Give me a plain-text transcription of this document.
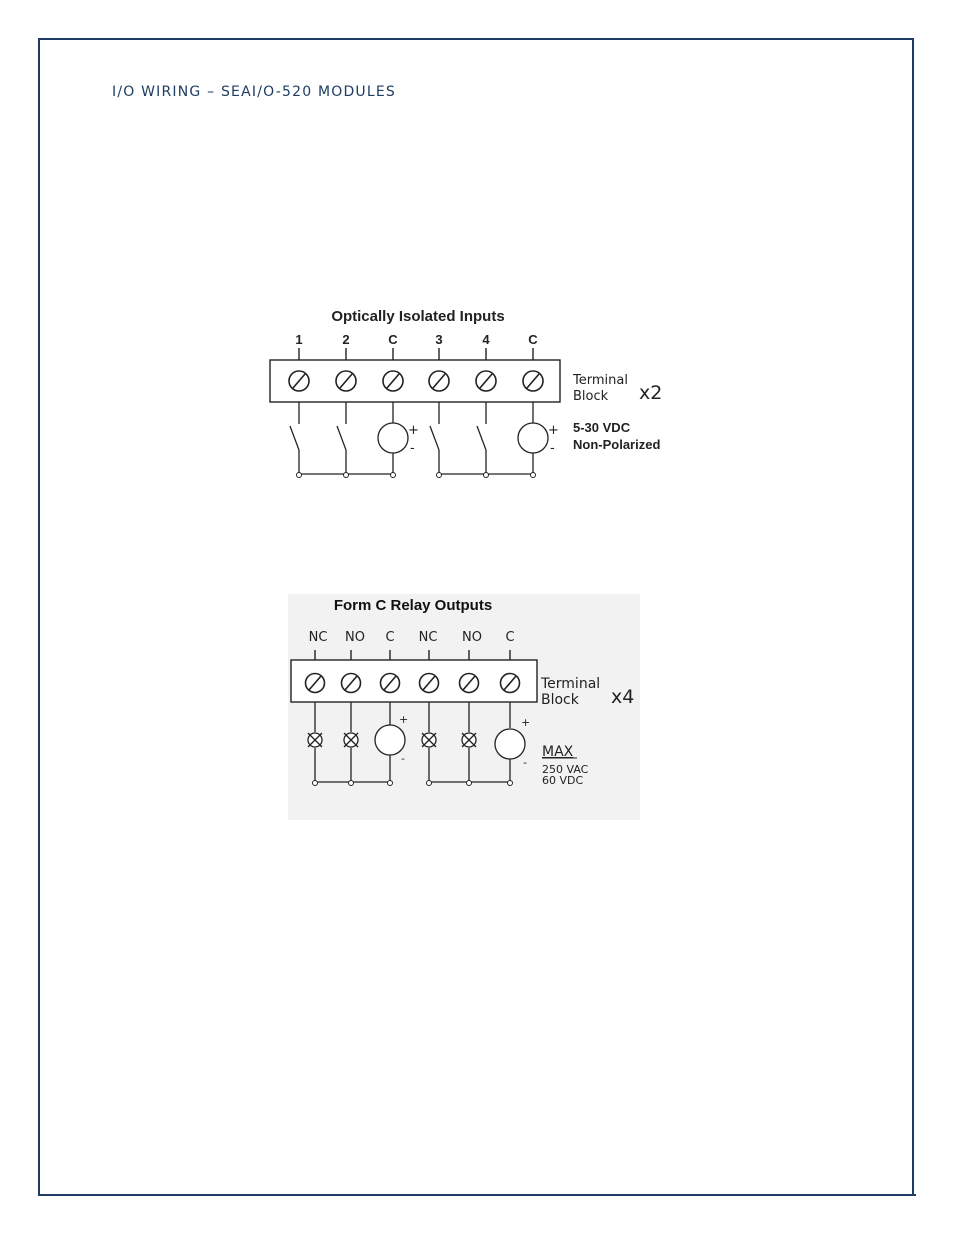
I/O WIRING – SEAI/O-520 MODULES
Optically Isolated Inputs
1	2	C	3	4	C
Terminal
Block x2
5-30 VDC
Non-Polarized
+
-
+
-
Form C Relay Outputs
NC NO C NC NO C
Terminal
Block x4
MAX
250 VAC
60 VDC
+
-
+
-
